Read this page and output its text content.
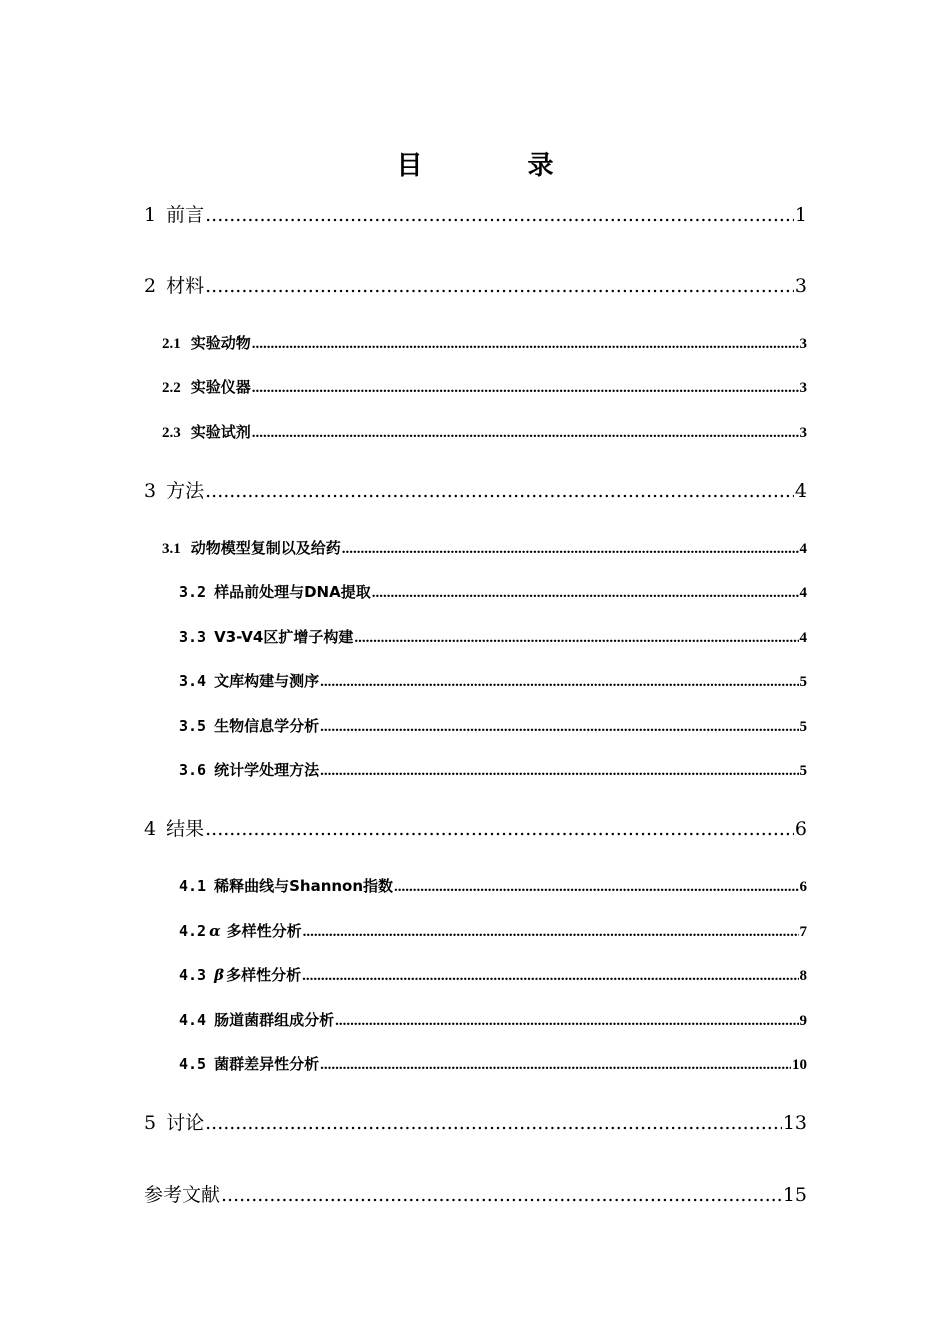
目 录
1 前言 .....	1
2 材料 .....	3
2.1 实验动物 .....	3
2.2 实验仪器 .....	3
2.3 实验试剂 .....	3
3 方法 .....	4
3.1 动物模型复制以及给药 .....	4
3.2 样品前处理与DNA提取 .....	4
3.3 V3-V4区扩增子构建 .....	4
3.4 文库构建与测序 .....	5
3.5 生物信息学分析 .....	5
3.6 统计学处理方法 .....	5
4 结果 .....	6
4.1 稀释曲线与Shannon指数 .....	6
4.2 α 多样性分析 .....	7
4.3 β 多样性分析 .....	8
4.4 肠道菌群组成分析 .....	9
4.5 菌群差异性分析 .....	10
5 讨论 .....	13
参考文献 .....	15
